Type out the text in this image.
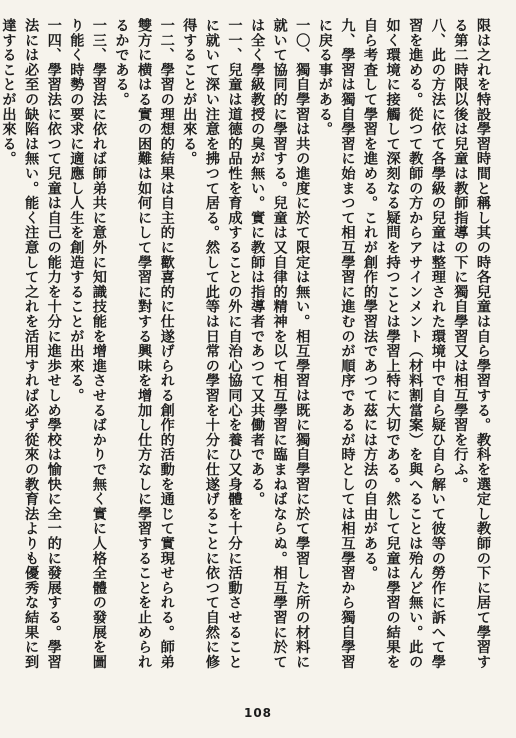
限は之れを特設學習時間と稱し其の時各兒童は自ら學習する。教科を選定し教師の下に居て學習する第二時限以後は兒童は教師指導の下に獨自學習又は相互學習を行ふ。

八、此の方法に依て各學級の兒童は整理された環境中で自ら疑ひ自ら解いて彼等の勞作に訴へて學習を進める。從つて教師の方からアサインメント（材料割當案）を與へることは殆んど無い。此の如く環境に接觸して深刻なる疑問を持つことは學習上特に大切である。然して兒童は學習の結果を自ら考査して學習を進める。これが創作的學習法であつて茲には方法の自由がある。

九、學習は獨自學習に始まつて相互學習に進むのが順序であるが時としては相互學習から獨自學習に戻る事がある。

一〇、獨自學習は共の進度に於て限定は無い。相互學習は既に獨自學習に於て學習した所の材料に就いて協同的に學習する。兒童は又自律的精神を以て相互學習に臨まねばならぬ。相互學習に於ては全く學級教授の臭が無い。實に教師は指導者であつて又共働者である。

一一、兒童は道德的品性を育成することの外に自治心協同心を養ひ又身體を十分に活動させることに就いて深い注意を拂つて居る。然して此等は日常の學習を十分に仕遂げることに依つて自然に修得することが出來る。

一二、學習の理想的結果は自主的に歡喜的に仕遂げられる創作的活動を通じて實現せられる。師弟雙方に横はる實の困難は如何にして學習に對する興味を增加し仕方なしに學習することを止められるかである。

一三、學習法に依れば師弟共に意外に知識技能を增進させるばかりで無く實に人格全體の發展を圖り能く時勢の要求に適應し人生を創造することが出來る。

一四、學習法に依つて兒童は自己の能力を十分に進歩せしめ學校は愉快に全一的に發展する。學習法には必至の缺陷は無い。能く注意して之れを活用すれば必ず從來の教育法よりも優秀な結果に到達することが出來る。

108
